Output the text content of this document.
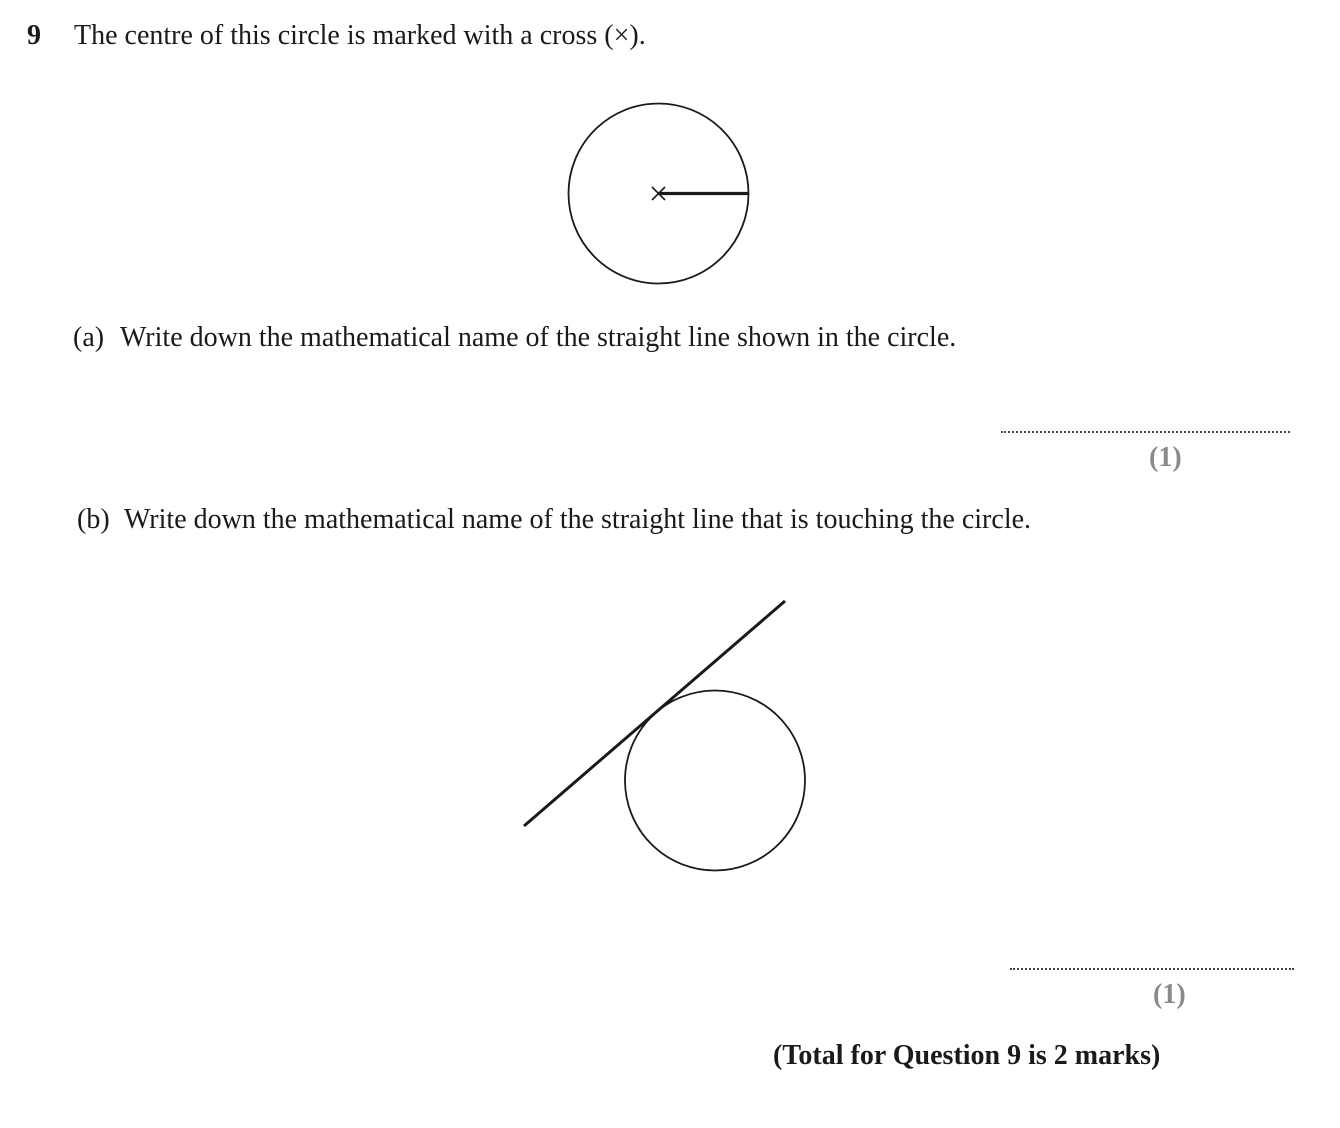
9 The centre of this circle is marked with a cross (×).
(a) Write down the mathematical name of the straight line shown in the circle.
(1)
(b) Write down the mathematical name of the straight line that is touching the circle.
(1)
(Total for Question 9 is 2 marks)
